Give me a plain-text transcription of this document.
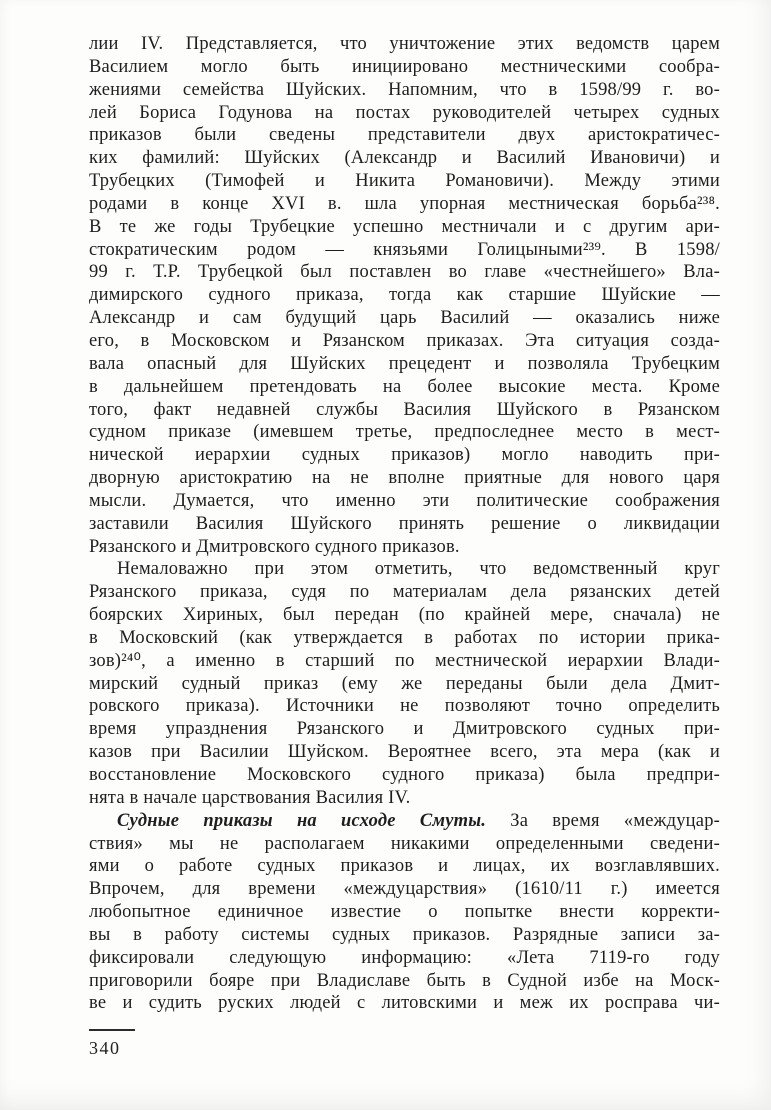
лии IV. Представляется, что уничтожение этих ведомств царем
Василием могло быть инициировано местническими сообра-
жениями семейства Шуйских. Напомним, что в 1598/99 г. во-
лей Бориса Годунова на постах руководителей четырех судных
приказов были сведены представители двух аристократичес-
ких фамилий: Шуйских (Александр и Василий Ивановичи) и
Трубецких (Тимофей и Никита Романовичи). Между этими
родами в конце XVI в. шла упорная местническая борьба²³⁸.
В те же годы Трубецкие успешно местничали и с другим ари-
стократическим родом — князьями Голицыными²³⁹. В 1598/
99 г. Т.Р. Трубецкой был поставлен во главе «честнейшего» Вла-
димирского судного приказа, тогда как старшие Шуйские —
Александр и сам будущий царь Василий — оказались ниже
его, в Московском и Рязанском приказах. Эта ситуация созда-
вала опасный для Шуйских прецедент и позволяла Трубецким
в дальнейшем претендовать на более высокие места. Кроме
того, факт недавней службы Василия Шуйского в Рязанском
судном приказе (имевшем третье, предпоследнее место в мест-
нической иерархии судных приказов) могло наводить при-
дворную аристократию на не вполне приятные для нового царя
мысли. Думается, что именно эти политические соображения
заставили Василия Шуйского принять решение о ликвидации
Рязанского и Дмитровского судного приказов.
Немаловажно при этом отметить, что ведомственный круг
Рязанского приказа, судя по материалам дела рязанских детей
боярских Хириных, был передан (по крайней мере, сначала) не
в Московский (как утверждается в работах по истории прика-
зов)²⁴⁰, а именно в старший по местнической иерархии Влади-
мирский судный приказ (ему же переданы были дела Дмит-
ровского приказа). Источники не позволяют точно определить
время упразднения Рязанского и Дмитровского судных при-
казов при Василии Шуйском. Вероятнее всего, эта мера (как и
восстановление Московского судного приказа) была предпри-
нята в начале царствования Василия IV.
Судные приказы на исходе Смуты. За время «междуцар-
ствия» мы не располагаем никакими определенными сведени-
ями о работе судных приказов и лицах, их возглавлявших.
Впрочем, для времени «междуцарствия» (1610/11 г.) имеется
любопытное единичное известие о попытке внести корректи-
вы в работу системы судных приказов. Разрядные записи за-
фиксировали следующую информацию: «Лета 7119-го году
приговорили бояре при Владиславе быть в Судной избе на Моск-
ве и судить руских людей с литовскими и меж их росправа чи-
340
